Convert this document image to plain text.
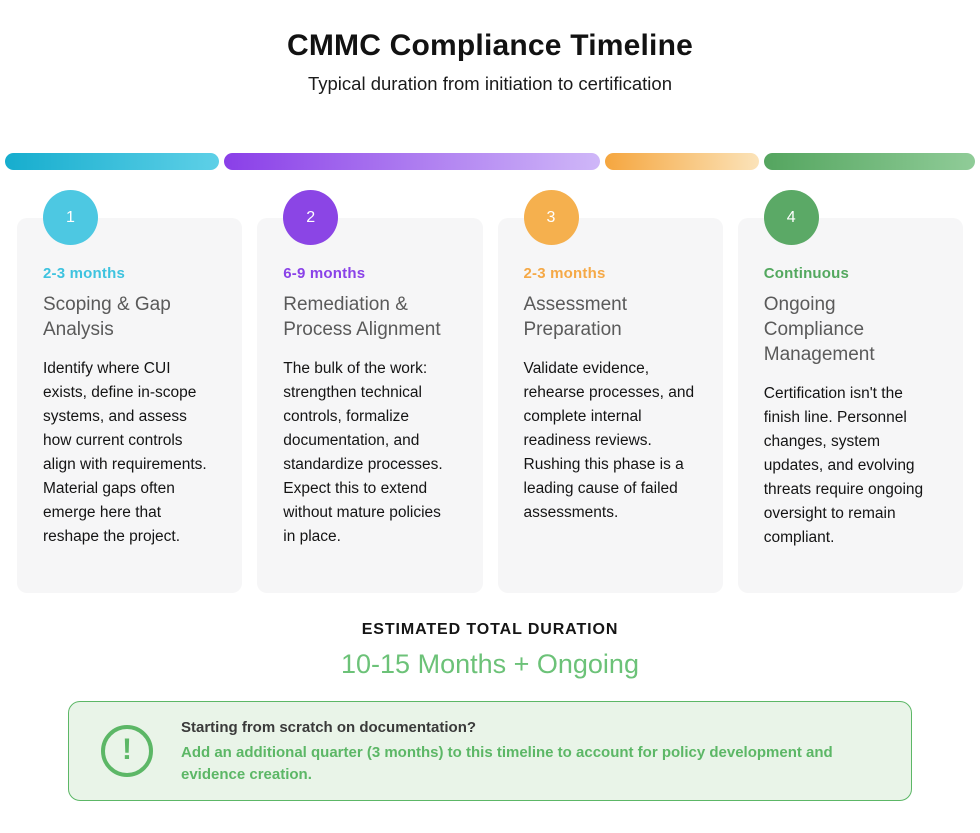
CMMC Compliance Timeline
Typical duration from initiation to certification
1
2-3 months
Scoping & Gap Analysis
Identify where CUI exists, define in-scope systems, and assess how current controls align with requirements. Material gaps often emerge here that reshape the project.
2
6-9 months
Remediation & Process Alignment
The bulk of the work: strengthen technical controls, formalize documentation, and standardize processes. Expect this to extend without mature policies in place.
3
2-3 months
Assessment Preparation
Validate evidence, rehearse processes, and complete internal readiness reviews. Rushing this phase is a leading cause of failed assessments.
4
Continuous
Ongoing Compliance Management
Certification isn't the finish line. Personnel changes, system updates, and evolving threats require ongoing oversight to remain compliant.
ESTIMATED TOTAL DURATION
10-15 Months + Ongoing
!
Starting from scratch on documentation?
Add an additional quarter (3 months) to this timeline to account for policy development and evidence creation.
